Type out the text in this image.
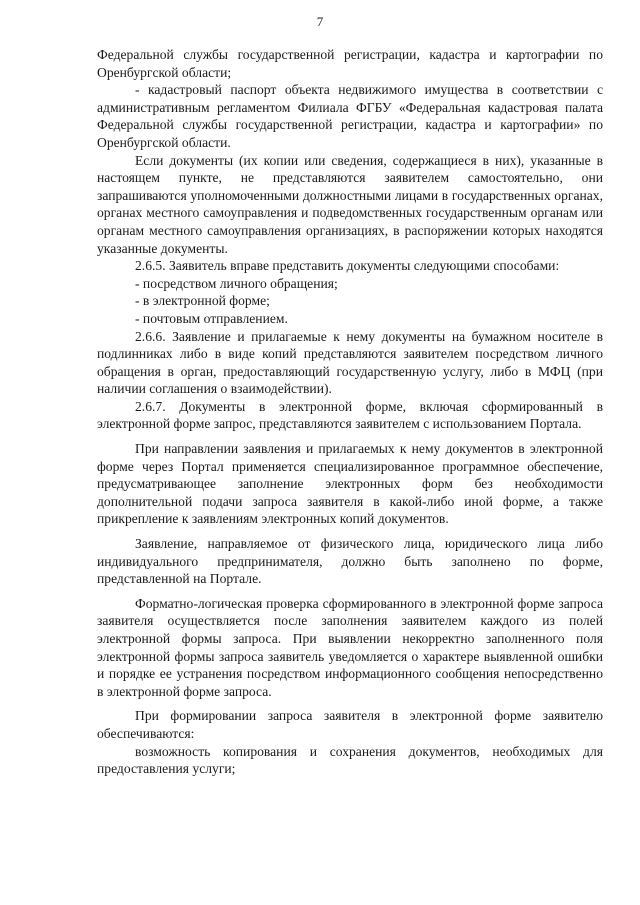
7

Федеральной службы государственной регистрации, кадастра и картографии по Оренбургской области;

- кадастровый паспорт объекта недвижимого имущества в соответствии с административным регламентом Филиала ФГБУ «Федеральная кадастровая палата Федеральной службы государственной регистрации, кадастра и картографии» по Оренбургской области.

Если документы (их копии или сведения, содержащиеся в них), указанные в настоящем пункте, не представляются заявителем самостоятельно, они запрашиваются уполномоченными должностными лицами в государственных органах, органах местного самоуправления и подведомственных государственным органам или органам местного самоуправления организациях, в распоряжении которых находятся указанные документы.

2.6.5. Заявитель вправе представить документы следующими способами:

- посредством личного обращения;

- в электронной форме;

- почтовым отправлением.

2.6.6. Заявление и прилагаемые к нему документы на бумажном носителе в подлинниках либо в виде копий представляются заявителем посредством личного обращения в орган, предоставляющий государственную услугу, либо в МФЦ (при наличии соглашения о взаимодействии).

2.6.7. Документы в электронной форме, включая сформированный в электронной форме запрос, представляются заявителем с использованием Портала.

При направлении заявления и прилагаемых к нему документов в электронной форме через Портал применяется специализированное программное обеспечение, предусматривающее заполнение электронных форм без необходимости дополнительной подачи запроса заявителя в какой-либо иной форме, а также прикрепление к заявлениям электронных копий документов.

Заявление, направляемое от физического лица, юридического лица либо индивидуального предпринимателя, должно быть заполнено по форме, представленной на Портале.

Форматно-логическая проверка сформированного в электронной форме запроса заявителя осуществляется после заполнения заявителем каждого из полей электронной формы запроса. При выявлении некорректно заполненного поля электронной формы запроса заявитель уведомляется о характере выявленной ошибки и порядке ее устранения посредством информационного сообщения непосредственно в электронной форме запроса.

При формировании запроса заявителя в электронной форме заявителю обеспечиваются:

возможность копирования и сохранения документов, необходимых для предоставления услуги;
